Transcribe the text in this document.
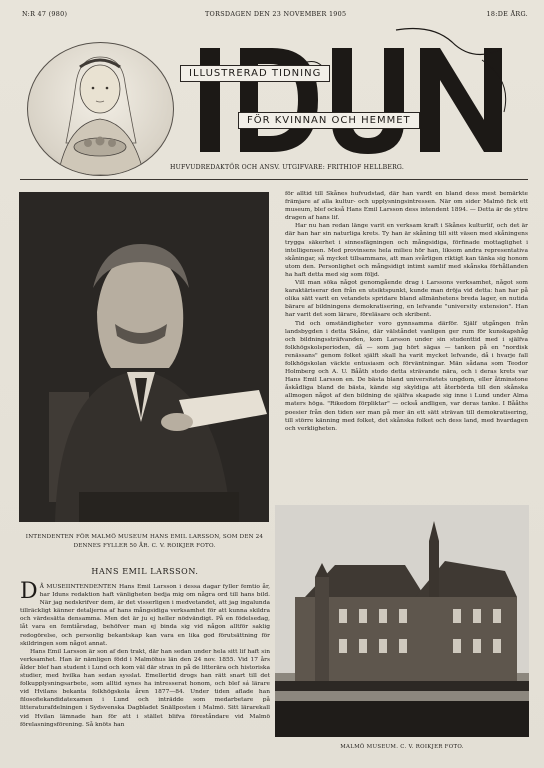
N:R 47 (980)	TORSDAGEN DEN 23 NOVEMBER 1905	18:DE ÅRG.
ILLUSTRERAD TIDNING
FÖR KVINNAN OCH HEMMET
HUFVUDREDAKTÖR OCH ANSV. UTGIFVARE: FRITHIOF HELLBERG.
INTENDENTEN FÖR MALMÖ MUSEUM HANS EMIL LARSSON, SOM DEN 24 DENNES FYLLER 50 ÅR. C. V. ROIKJER FOTO.
HANS EMIL LARSSON.
D Å MUSEIINTENDENTEN Hans Emil Larsson i dessa dagar fyller femtio år, har Iduns redaktion haft vänligheten bedja mig om några ord till hans bild. När jag nedskrifver dem, är det visserligen i medvetandet, att jag ingalunda tillräckligt känner detaljerna af hans mångsidiga verksamhet för att kunna skildra och värdesätta densamma. Men det är ju ej heller nödvändigt. På en födelsedag, låt vara en femtiårsdag, behöfver man ej binda sig vid någon alltför saklig redogörelse, och personlig bekantskap kan vara en lika god förutsättning för skildringen som något annat.

Hans Emil Larsson är son af den trakt, där han sedan under hela sitt lif haft sin verksamhet. Han är nämligen född i Malmöhus län den 24 nov. 1855. Vid 17 års ålder blef han student i Lund och kom väl där strax in på de litterära och historiska studier, med hvilka han sedan sysslat. Emellertid drogs han rätt snart till det folkupplysningsarbete, som alltid synes ha intresserat honom, och blef sá lärare vid Hvilans bekanta folkhögskola åren 1877—84. Under tiden aflade han filosofiekandidatexamen i Lund och inträdde som medarbetare på litteraturafdelningen i Sydsvenska Dagbladet Snällposten i Malmö. Sitt lärarekall vid Hvilan lämnade han för att i stället blifva föreståndare vid Malmö förelasningsförening. Så knöts han

för alltid till Skånes hufvudstad, där han vardt en bland dess mest bemärkte främjare af alla kultur- och upplysningsintressen. När om sider Malmö fick ett museum, blef också Hans Emil Larsson dess intendent 1894. — Detta är de yttre dragen af hans lif.

Har nu han redan länge varit en verksam kraft i Skånes kulturlif, och det är där han har sin naturliga krets. Ty han är skåning till sitt väsen med skåningens trygga säkerhet i sinnesfägningen och mångsidiga, förfinade mottaglighet i intelligensen. Med provinsens hela milieu hör han, liksom andra representativa skåningar, så mycket tillsammans, att man svårligen riktigt kan tänka sig honom utom den. Personlighet och mångsidigt intimt samlif med skånska förhållanden ha haft detta med sig som följd.

Vill man söka något genomgående drag i Larssons verksamhet, något som karaktäriserar den från en utsiktspunkt, kunde man dröja vid detta: han har på olika sätt varit en vetandets spridare bland allmänhetens breda lager, en nutida bärare af bildningens demokratisering, en lefvande "university extension". Han har varit det som lärare, föreläsare och skribent.

Tid och omständigheter voro gynnsamma därför. Själf utgången från landsbygden i detta Skåne, där välståndet vanligen ger rum för kunskapshåg och bildningssträfvanden, kom Larsson under sin studenttid med i själfva folkhögskolsperioden, då — som jag hört sägas — tanken på en "nordisk renässans" genom folket själft skall ha varit mycket lefvande, då i hvarje fall folkhögskolan väckte entusiasm och förväntningar. Män sådana som Teodor Holmberg och A. U. Bååth stodo detta strävande nära, och i deras krets var Hans Emil Larsson en. De bästa bland universitetets ungdom, eller åtminstone åskådliga bland de bästa, kände sig skyldiga att återbörda till den skånska allmogen något af den bildning de själfva skapade sig inne i Lund under Alma maters höga. "Rikedom förpliktar" — också andligen, var deras tanke. I Bååths poesier från den tiden ser man på mer än ett sätt strävan till demokratisering, till större känning med folket, det skånska folket och dess land, med hvardagen och verkligheten.

MALMÖ MUSEUM. C. V. ROIKJER FOTO.
